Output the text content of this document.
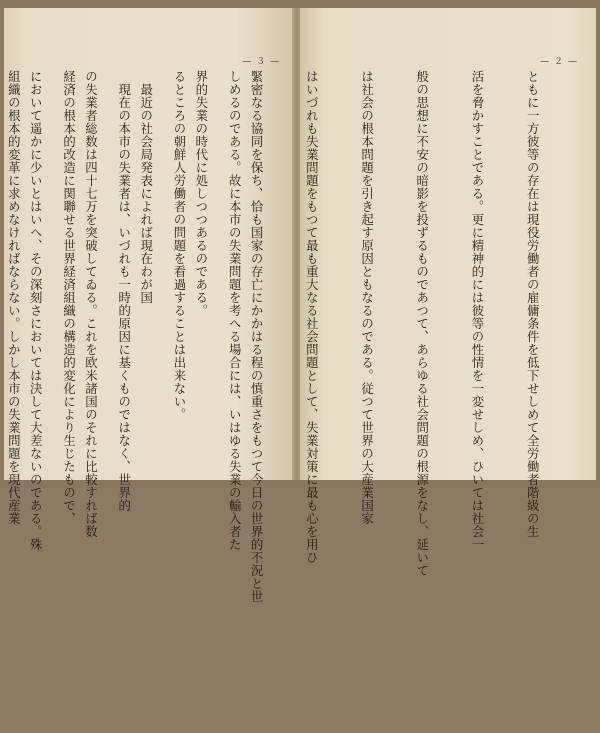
— ３ —

しめるのである。故に本市の失業問題を考へる場合には、いはゆる失業の輸入者た

るところの朝鮮人労働者の問題を看過することは出来ない。

　現在の本市の失業者は、いづれも一時的原因に基くものではなく、世界的

経済の根本的改造に関聯せる世界経済組織の構造的変化により生じたもので、

組織の根本的変革に求めなければならない。しかし本市の失業問題を現代産業

— ２ —

ともに一方彼等の存在は現役労働者の雇傭条件を低下せしめて全労働者階級の生

活を脅かすことである。更に精神的には彼等の性情を一変せしめ、ひいては社会一

般の思想に不安の暗影を投ずるものであつて、あらゆる社会問題の根源をなし、延いて

は社会の根本問題を引き起す原因ともなるのである。従つて世界の大産業国家

はいづれも失業問題をもつて最も重大なる社会問題として、失業対策に最も心を用ひ

緊密なる協同を保ち、恰も国家の存亡にかかはる程の慎重さをもつて今日の世界的不況と世

界的失業の時代に処しつつあるのである。

　最近の社会局発表によれば現在わが国

の失業者総数は四十七万を突破してゐる。これを欧米諸国のそれに比較すれば数

において遥かに少いとはいへ、その深刻さにおいては決して大差ないのである。殊
